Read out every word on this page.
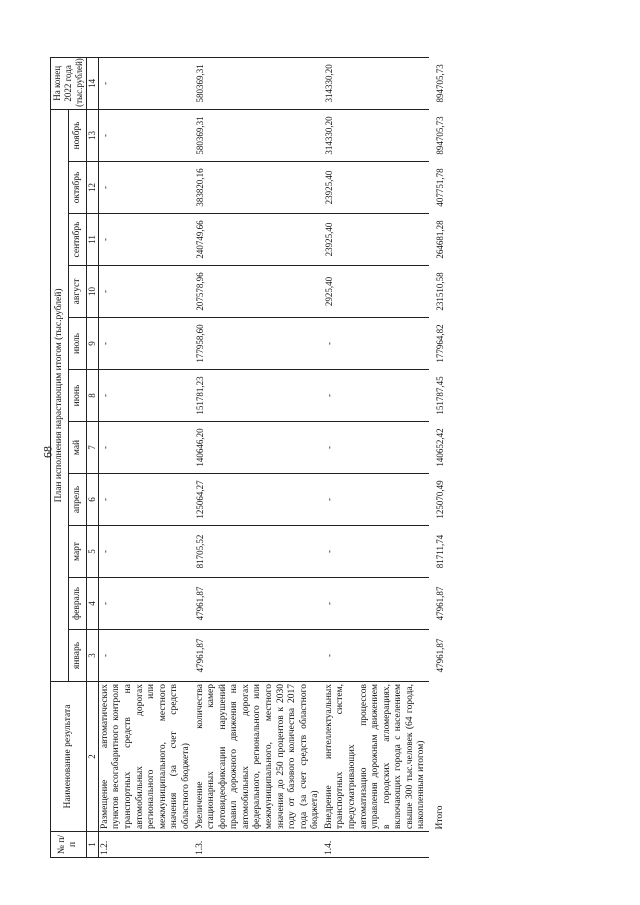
68
№ п/п	Наименование результата	План исполнения нарастающим итогом (тыс.рублей)											На конец 2022 года (тыс.рублей)
		январь	февраль	март	апрель	май	июнь	июль	август	сентябрь	октябрь	ноябрь	
1	2	3	4	5	6	7	8	9	10	11	12	13	14
1.2.	Размещение автоматических пунктов весогабаритного контроля транспортных средств на автомобильных дорогах регионального или межмуниципального, местного значения (за счет средств областного бюджета)	-	-	-	-	-	-	-	-	-	-	-	-
1.3.	Увеличение количества стационарных камер фотовидеофиксации нарушений правил дорожного движения на автомобильных дорогах федерального, регионального или межмуниципального, местного значения до 250 процентов к 2030 году от базового количества 2017 года (за счет средств областного бюджета)	47961,87	47961,87	81705,52	125064,27	140646,20	151781,23	177958,60	207578,96	240749,66	383820,16	580369,31	580369,31
1.4.	Внедрение интеллектуальных транспортных систем, предусматривающих автоматизацию процессов управления дорожным движением в городских агломерациях, включающих города с населением свыше 300 тыс.человек (64 города, накопленным итогом)	-	-	-	-	-	-	-	2925,40	23925,40	23925,40	314330,20	314330,20
	Итого	47961,87	47961,87	81711,74	125070,49	140652,42	151787,45	177964,82	231510,58	264681,28	407751,78	894705,73	894705,73
